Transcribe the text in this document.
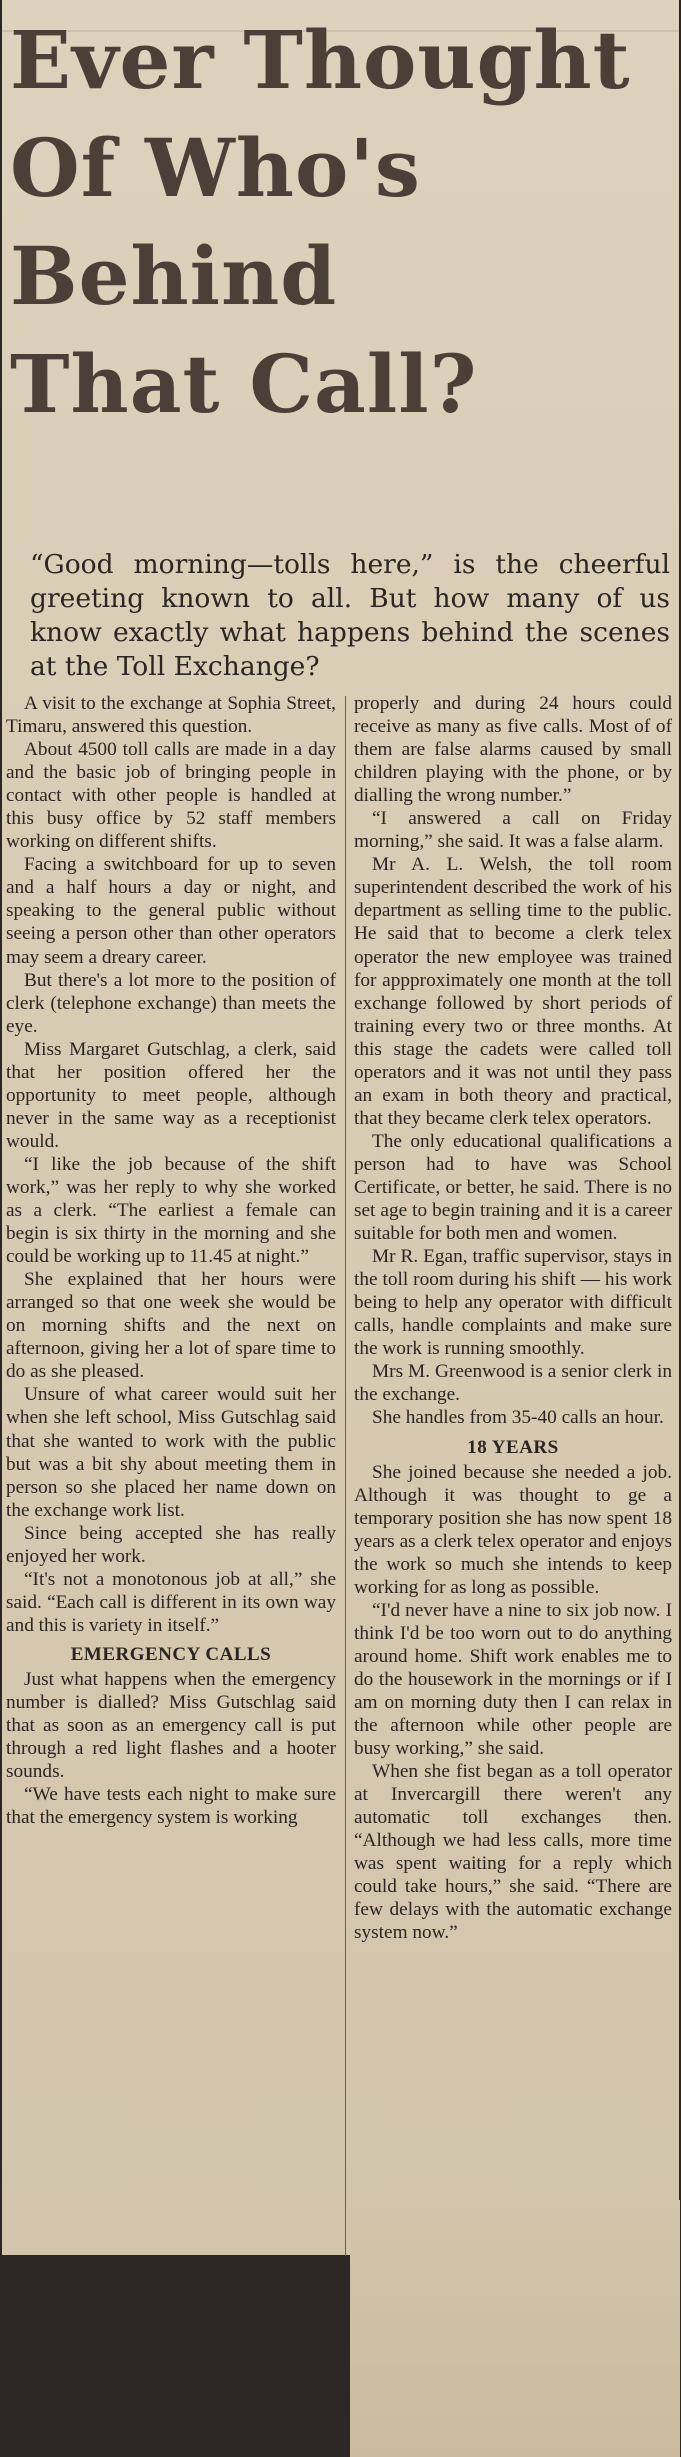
Ever Thought
Of Who's
Behind
That Call?
“Good morning—tolls here,” is the cheerful greeting known to all. But how many of us know exactly what happens behind the scenes at the Toll Exchange?

A visit to the exchange at Sophia Street, Timaru, answered this question.

About 4500 toll calls are made in a day and the basic job of bringing people in contact with other people is handled at this busy office by 52 staff members working on different shifts.

Facing a switchboard for up to seven and a half hours a day or night, and speaking to the general public without seeing a person other than other operators may seem a dreary career.

But there's a lot more to the position of clerk (telephone exchange) than meets the eye.

Miss Margaret Gutschlag, a clerk, said that her position offered her the opportunity to meet people, although never in the same way as a receptionist would.

“I like the job because of the shift work,” was her reply to why she worked as a clerk. “The earliest a female can begin is six thirty in the morning and she could be working up to 11.45 at night.”

She explained that her hours were arranged so that one week she would be on morning shifts and the next on afternoon, giving her a lot of spare time to do as she pleased.

Unsure of what career would suit her when she left school, Miss Gutschlag said that she wanted to work with the public but was a bit shy about meeting them in person so she placed her name down on the exchange work list.

Since being accepted she has really enjoyed her work.

“It's not a monotonous job at all,” she said. “Each call is different in its own way and this is variety in itself.”

EMERGENCY CALLS

Just what happens when the emergency number is dialled? Miss Gutschlag said that as soon as an emergency call is put through a red light flashes and a hooter sounds.

“We have tests each night to make sure that the emergency system is working

properly and during 24 hours could receive as many as five calls. Most of of them are false alarms caused by small children playing with the phone, or by dialling the wrong number.”

“I answered a call on Friday morning,” she said. It was a false alarm.

Mr A. L. Welsh, the toll room superintendent described the work of his department as selling time to the public. He said that to become a clerk telex operator the new employee was trained for appproximately one month at the toll exchange followed by short periods of training every two or three months. At this stage the cadets were called toll operators and it was not until they pass an exam in both theory and practical, that they became clerk telex operators.

The only educational qualifications a person had to have was School Certificate, or better, he said. There is no set age to begin training and it is a career suitable for both men and women.

Mr R. Egan, traffic supervisor, stays in the toll room during his shift — his work being to help any operator with difficult calls, handle complaints and make sure the work is running smoothly.

Mrs M. Greenwood is a senior clerk in the exchange.

She handles from 35-40 calls an hour.

18 YEARS

She joined because she needed a job. Although it was thought to ge a temporary position she has now spent 18 years as a clerk telex operator and enjoys the work so much she intends to keep working for as long as possible.

“I'd never have a nine to six job now. I think I'd be too worn out to do anything around home. Shift work enables me to do the housework in the mornings or if I am on morning duty then I can relax in the afternoon while other people are busy working,” she said.

When she fist began as a toll operator at Invercargill there weren't any automatic toll exchanges then. “Although we had less calls, more time was spent waiting for a reply which could take hours,” she said. “There are few delays with the automatic exchange system now.”
